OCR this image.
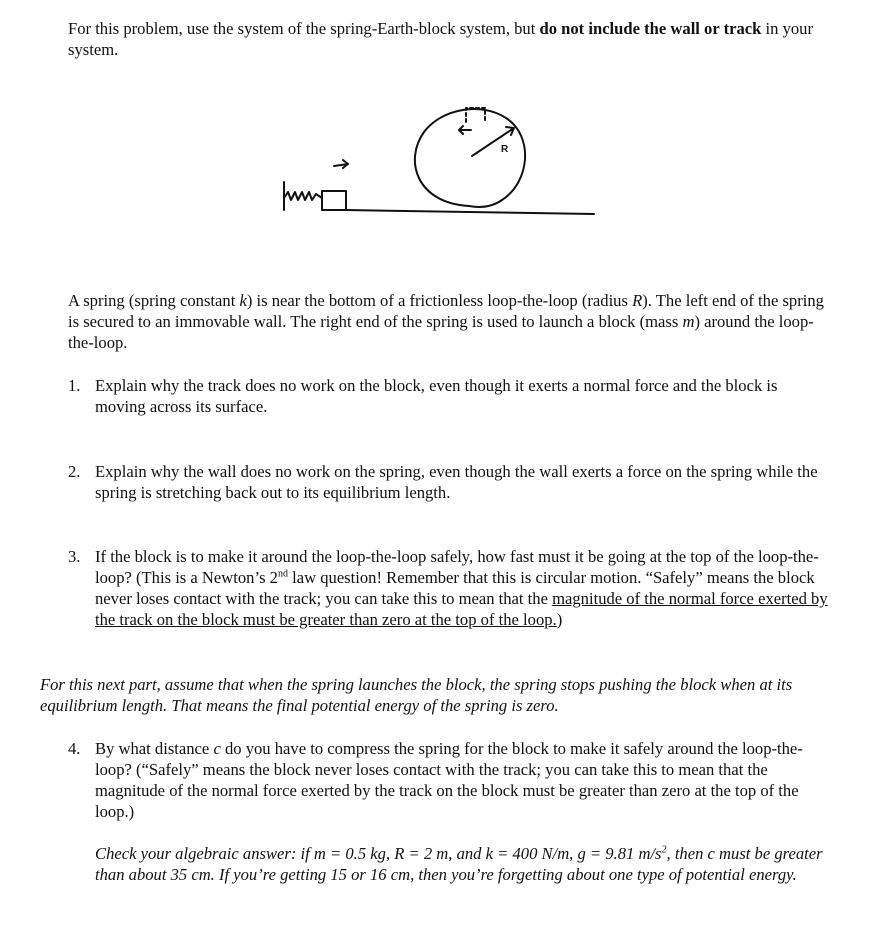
For this problem, use the system of the spring-Earth-block system, but do not include the wall or track in your system.
R
A spring (spring constant k) is near the bottom of a frictionless loop-the-loop (radius R). The left end of the spring is secured to an immovable wall. The right end of the spring is used to launch a block (mass m) around the loop-the-loop.
1. Explain why the track does no work on the block, even though it exerts a normal force and the block is moving across its surface.
2. Explain why the wall does no work on the spring, even though the wall exerts a force on the spring while the spring is stretching back out to its equilibrium length.
3. If the block is to make it around the loop-the-loop safely, how fast must it be going at the top of the loop-the-loop? (This is a Newton’s 2nd law question! Remember that this is circular motion. “Safely” means the block never loses contact with the track; you can take this to mean that the magnitude of the normal force exerted by the track on the block must be greater than zero at the top of the loop.)
For this next part, assume that when the spring launches the block, the spring stops pushing the block when at its equilibrium length. That means the final potential energy of the spring is zero.
4. By what distance c do you have to compress the spring for the block to make it safely around the loop-the-loop? (“Safely” means the block never loses contact with the track; you can take this to mean that the magnitude of the normal force exerted by the track on the block must be greater than zero at the top of the loop.)
Check your algebraic answer: if m = 0.5 kg, R = 2 m, and k = 400 N/m, g = 9.81 $m/s^2$, then c must be greater than about 35 cm. If you’re getting 15 or 16 cm, then you’re forgetting about one type of potential energy.
